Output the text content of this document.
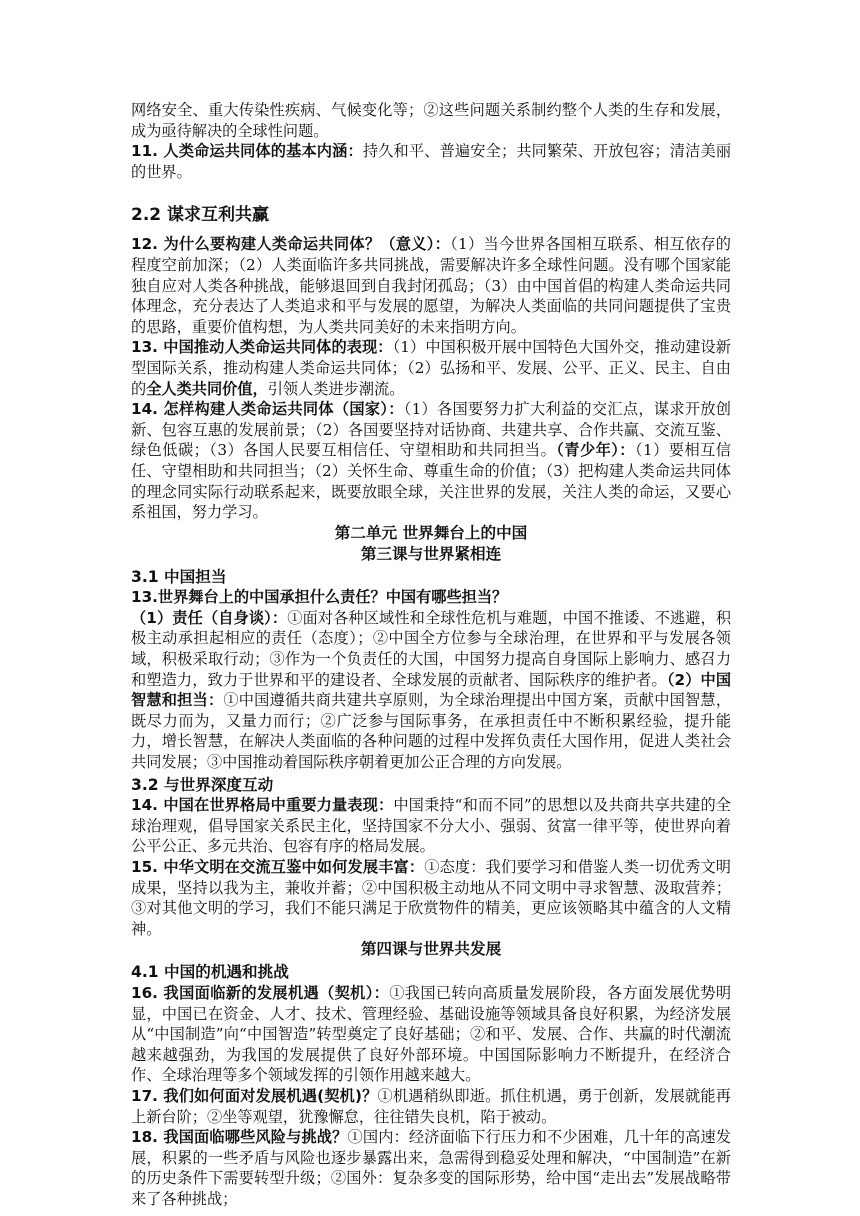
网络安全、重大传染性疾病、气候变化等；②这些问题关系制约整个人类的生存和发展，成为亟待解决的全球性问题。

11. 人类命运共同体的基本内涵：持久和平、普遍安全；共同繁荣、开放包容；清洁美丽的世界。

2.2 谋求互利共赢

12. 为什么要构建人类命运共同体？（意义）：（1）当今世界各国相互联系、相互依存的程度空前加深；（2）人类面临许多共同挑战，需要解决许多全球性问题。没有哪个国家能独自应对人类各种挑战，能够退回到自我封闭孤岛；（3）由中国首倡的构建人类命运共同体理念，充分表达了人类追求和平与发展的愿望，为解决人类面临的共同问题提供了宝贵的思路，重要价值构想，为人类共同美好的未来指明方向。

13. 中国推动人类命运共同体的表现：（1）中国积极开展中国特色大国外交，推动建设新型国际关系，推动构建人类命运共同体；（2）弘扬和平、发展、公平、正义、民主、自由的全人类共同价值，引领人类进步潮流。

14. 怎样构建人类命运共同体（国家）：（1）各国要努力扩大利益的交汇点，谋求开放创新、包容互惠的发展前景；（2）各国要坚持对话协商、共建共享、合作共赢、交流互鉴、绿色低碳；（3）各国人民要互相信任、守望相助和共同担当。（青少年）：（1）要相互信任、守望相助和共同担当；（2）关怀生命、尊重生命的价值；（3）把构建人类命运共同体的理念同实际行动联系起来，既要放眼全球，关注世界的发展，关注人类的命运，又要心系祖国，努力学习。

第二单元 世界舞台上的中国

第三课与世界紧相连

3.1 中国担当

13.世界舞台上的中国承担什么责任？中国有哪些担当？

（1）责任（自身谈）：①面对各种区域性和全球性危机与难题，中国不推诿、不逃避，积极主动承担起相应的责任（态度）；②中国全方位参与全球治理，在世界和平与发展各领域，积极采取行动；③作为一个负责任的大国，中国努力提高自身国际上影响力、感召力和塑造力，致力于世界和平的建设者、全球发展的贡献者、国际秩序的维护者。（2）中国智慧和担当：①中国遵循共商共建共享原则，为全球治理提出中国方案，贡献中国智慧，既尽力而为，又量力而行；②广泛参与国际事务，在承担责任中不断积累经验，提升能力，增长智慧，在解决人类面临的各种问题的过程中发挥负责任大国作用，促进人类社会共同发展；③中国推动着国际秩序朝着更加公正合理的方向发展。

3.2 与世界深度互动

14. 中国在世界格局中重要力量表现：中国秉持“和而不同”的思想以及共商共享共建的全球治理观，倡导国家关系民主化，坚持国家不分大小、强弱、贫富一律平等，使世界向着公平公正、多元共治、包容有序的格局发展。

15. 中华文明在交流互鉴中如何发展丰富：①态度：我们要学习和借鉴人类一切优秀文明成果，坚持以我为主，兼收并蓄；②中国积极主动地从不同文明中寻求智慧、汲取营养；③对其他文明的学习，我们不能只满足于欣赏物件的精美，更应该领略其中蕴含的人文精神。

第四课与世界共发展

4.1 中国的机遇和挑战

16. 我国面临新的发展机遇（契机）：①我国已转向高质量发展阶段，各方面发展优势明显，中国已在资金、人才、技术、管理经验、基础设施等领域具备良好积累，为经济发展从“中国制造”向“中国智造”转型奠定了良好基础；②和平、发展、合作、共赢的时代潮流越来越强劲，为我国的发展提供了良好外部环境。中国国际影响力不断提升，在经济合作、全球治理等多个领域发挥的引领作用越来越大。

17. 我们如何面对发展机遇(契机)？①机遇稍纵即逝。抓住机遇，勇于创新，发展就能再上新台阶；②坐等观望，犹豫懈怠，往往错失良机，陷于被动。

18. 我国面临哪些风险与挑战？①国内：经济面临下行压力和不少困难，几十年的高速发展，积累的一些矛盾与风险也逐步暴露出来，急需得到稳妥处理和解决，“中国制造”在新的历史条件下需要转型升级；②国外：复杂多变的国际形势，给中国“走出去”发展战略带来了各种挑战；
